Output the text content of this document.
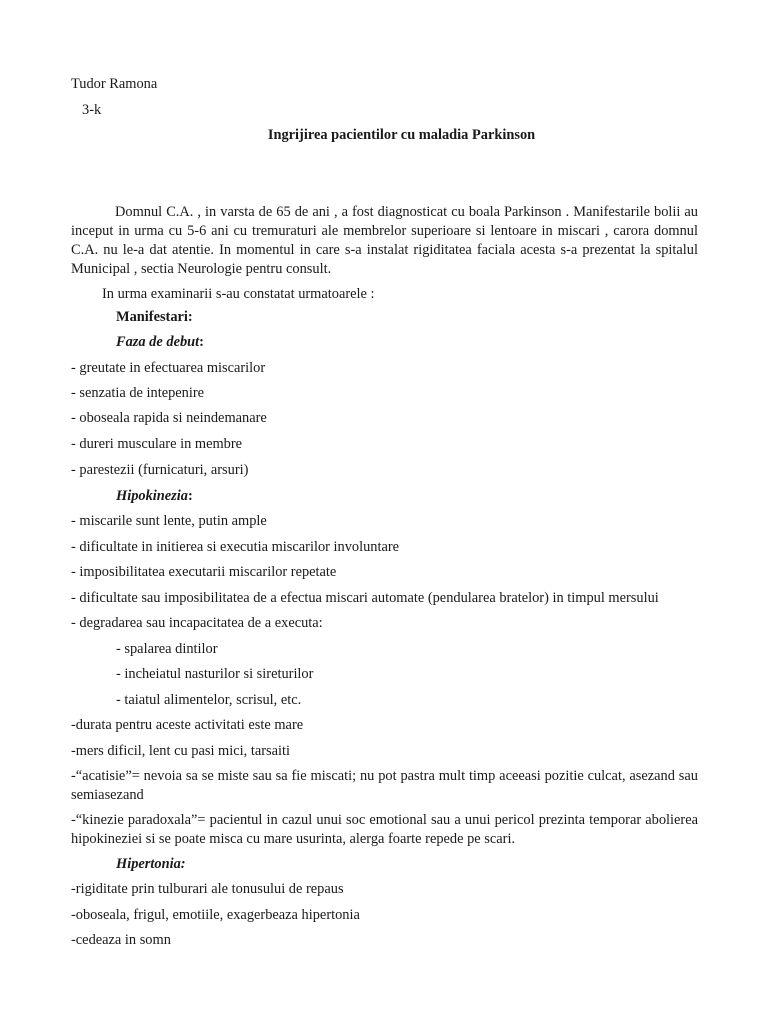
Tudor Ramona
3-k
Ingrijirea pacientilor cu maladia Parkinson
Domnul C.A. , in varsta de 65 de ani , a fost diagnosticat cu boala Parkinson . Manifestarile bolii au inceput in urma cu 5-6 ani cu tremuraturi ale membrelor superioare si lentoare in miscari , carora domnul C.A. nu le-a dat atentie. In momentul in care s-a instalat rigiditatea faciala acesta s-a prezentat la spitalul Municipal , sectia Neurologie pentru consult.
In urma examinarii s-au constatat urmatoarele :
Manifestari:
Faza de debut:
- greutate in efectuarea miscarilor
- senzatia de intepenire
- oboseala rapida si neindemanare
- dureri musculare in membre
- parestezii (furnicaturi, arsuri)
Hipokinezia:
- miscarile sunt lente, putin ample
- dificultate in initierea si executia miscarilor involuntare
- imposibilitatea executarii miscarilor repetate
- dificultate sau imposibilitatea de a efectua miscari automate (pendularea bratelor) in timpul mersului
- degradarea sau incapacitatea de a executa:
- spalarea dintilor
- incheiatul nasturilor si sireturilor
- taiatul alimentelor, scrisul, etc.
-durata pentru aceste activitati este mare
-mers dificil, lent cu pasi mici, tarsaiti
-“acatisie”= nevoia sa se miste sau sa fie miscati; nu pot pastra mult timp aceeasi pozitie culcat, asezand sau semiasezand
-“kinezie paradoxala”= pacientul in cazul unui soc emotional sau a unui pericol prezinta temporar abolierea hipokineziei si se poate misca cu mare usurinta, alerga foarte repede pe scari.
Hipertonia:
-rigiditate prin tulburari ale tonusului de repaus
-oboseala, frigul, emotiile, exagerbeaza hipertonia
-cedeaza in somn
